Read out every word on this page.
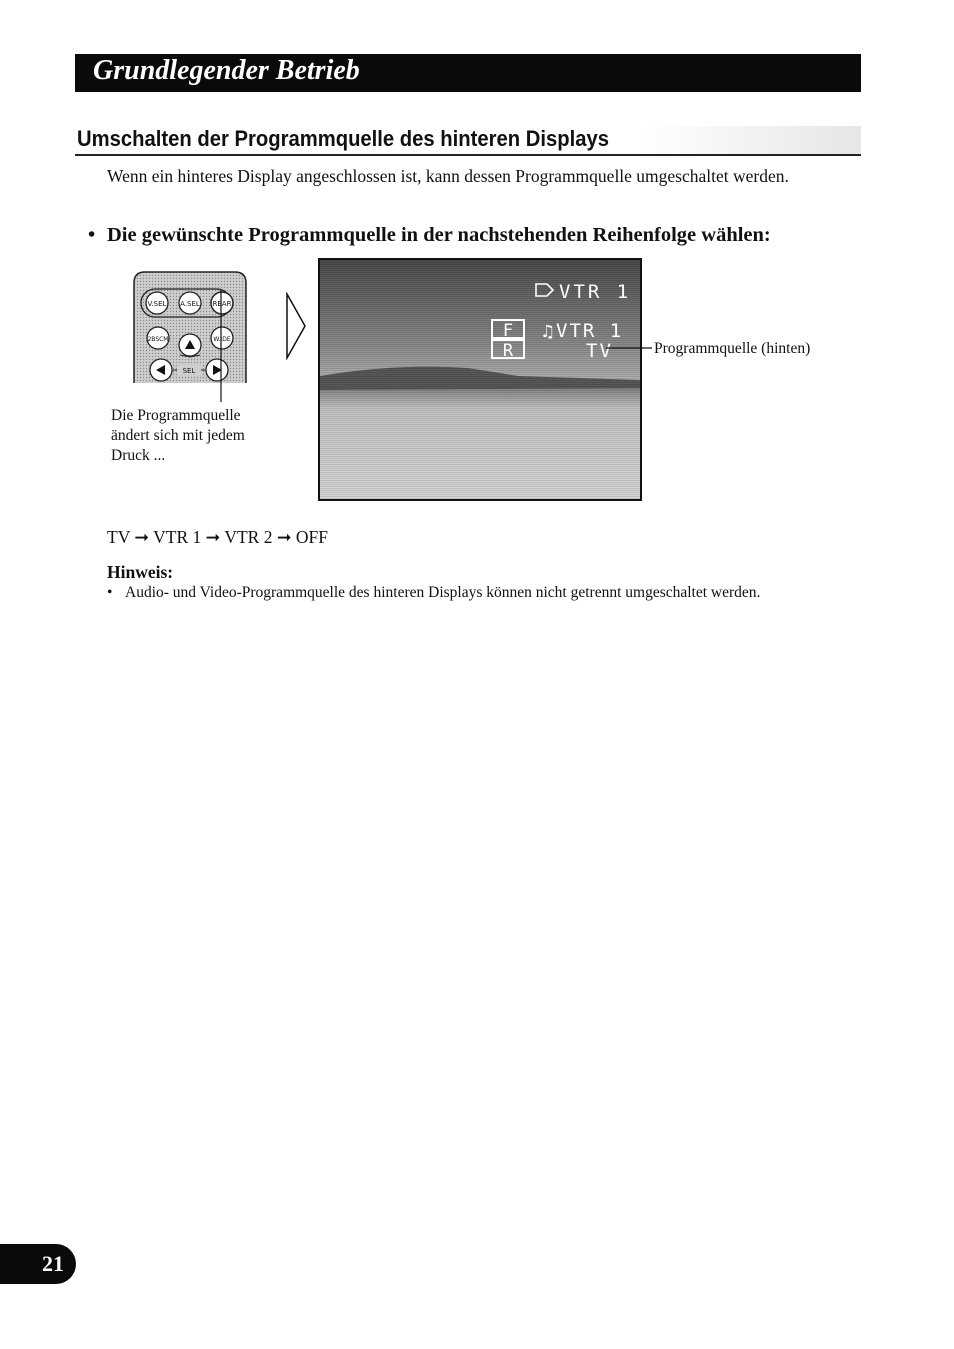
Grundlegender Betrieb
Umschalten der Programmquelle des hinteren Displays
Wenn ein hinteres Display angeschlossen ist, kann dessen Programmquelle umgeschaltet werden.
• Die gewünschte Programmquelle in der nachstehenden Reihenfolge wählen:
V.SEL A.SEL REAR
2BSCM	W.IDE
SEL
VTR 1
F
R
♫ VTR 1
TV	Programmquelle (hinten)
Die Programmquelle ändert sich mit jedem Druck ...
TV ➞ VTR 1 ➞ VTR 2 ➞ OFF
Hinweis:
• Audio- und Video-Programmquelle des hinteren Displays können nicht getrennt umgeschaltet werden.
21
